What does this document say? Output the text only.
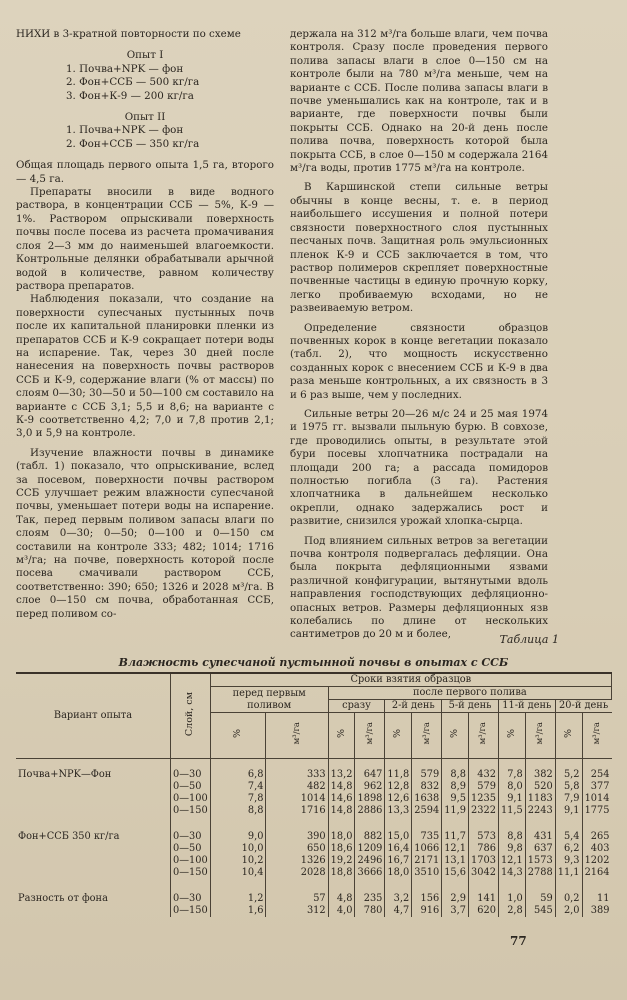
НИХИ в 3-кратной повторности по схеме

Опыт I

1. Почва+NPK — фон
2. Фон+ССБ — 500 кг/га
3. Фон+К-9 — 200 кг/га

Опыт II

1. Почва+NPK — фон
2. Фон+ССБ — 350 кг/га

Общая площадь первого опыта 1,5 га, второго — 4,5 га.

Препараты вносили в виде водного раствора, в концентрации ССБ — 5%, К-9 — 1%. Раствором опрыскивали поверхность почвы после посева из расчета промачивания слоя 2—3 мм до наименьшей влагоемкости. Контрольные делянки обрабатывали арычной водой в количестве, равном количеству раствора препаратов.

Наблюдения показали, что создание на поверхности супесчаных пустынных почв после их капитальной планировки пленки из препаратов ССБ и К-9 сокращает потери воды на испарение. Так, через 30 дней после нанесения на поверхность почвы растворов ССБ и К-9, содержание влаги (% от массы) по слоям 0—30; 30—50 и 50—100 см составило на варианте с ССБ 3,1; 5,5 и 8,6; на варианте с К-9 соответственно 4,2; 7,0 и 7,8 против 2,1; 3,0 и 5,9 на контроле.

Изучение влажности почвы в динамике (табл. 1) показало, что опрыскивание, вслед за посевом, поверхности почвы раствором ССБ улучшает режим влажности супесчаной почвы, уменьшает потери воды на испарение. Так, перед первым поливом запасы влаги по слоям 0—30; 0—50; 0—100 и 0—150 см составили на контроле 333; 482; 1014; 1716 м³/га; на почве, поверхность которой после посева смачивали раствором ССБ, соответственно: 390; 650; 1326 и 2028 м³/га. В слое 0—150 см почва, обработанная ССБ, перед поливом со-

держала на 312 м³/га больше влаги, чем почва контроля. Сразу после проведения первого полива запасы влаги в слое 0—150 см на контроле были на 780 м³/га меньше, чем на варианте с ССБ. После полива запасы влаги в почве уменьшались как на контроле, так и в варианте, где поверхности почвы были покрыты ССБ. Однако на 20-й день после полива почва, поверхность которой была покрыта ССБ, в слое 0—150 м содержала 2164 м³/га воды, против 1775 м³/га на контроле.

В Каршинской степи сильные ветры обычны в конце весны, т. е. в период наибольшего иссушения и полной потери связности поверхностного слоя пустынных песчаных почв. Защитная роль эмульсионных пленок К-9 и ССБ заключается в том, что раствор полимеров скрепляет поверхностные почвенные частицы в единую прочную корку, легко пробиваемую всходами, но не развеиваемую ветром.

Определение связности образцов почвенных корок в конце вегетации показало (табл. 2), что мощность искусственно созданных корок с внесением ССБ и К-9 в два раза меньше контрольных, а их связность в 3 и 6 раз выше, чем у последних.

Сильные ветры 20—26 м/с 24 и 25 мая 1974 и 1975 гг. вызвали пыльную бурю. В совхозе, где проводились опыты, в результате этой бури посевы хлопчатника пострадали на площади 200 га; а рассада помидоров полностью погибла (3 га). Растения хлопчатника в дальнейшем несколько окрепли, однако задержались рост и развитие, снизился урожай хлопка-сырца.

Под влиянием сильных ветров за вегетации почва контроля подвергалась дефляции. Она была покрыта дефляционными язвами различной конфигурации, вытянутыми вдоль направления господствующих дефляционно-опасных ветров. Размеры дефляционных язв колебались по длине от нескольких сантиметров до 20 м и более,	Таблица 1
Влажность супесчаной пустынной почвы в опытах с ССБ
Вариант опыта	Слой, см	Сроки взятия образцов											
		перед первым поливом		после первого полива									
				сразу		2-й день		5-й день		11-й день		20-й день	
		%	м³/га	%	м³/га	%	м³/га	%	м³/га	%	м³/га	%	м³/га
Почва+NPK—Фон	0—30	6,8	333	13,2	647	11,8	579	8,8	432	7,8	382	5,2	254
	0—50	7,4	482	14,8	962	12,8	832	8,9	579	8,0	520	5,8	377
	0—100	7,8	1014	14,6	1898	12,6	1638	9,5	1235	9,1	1183	7,9	1014
	0—150	8,8	1716	14,8	2886	13,3	2594	11,9	2322	11,5	2243	9,1	1775
Фон+ССБ 350 кг/га	0—30	9,0	390	18,0	882	15,0	735	11,7	573	8,8	431	5,4	265
	0—50	10,0	650	18,6	1209	16,4	1066	12,1	786	9,8	637	6,2	403
	0—100	10,2	1326	19,2	2496	16,7	2171	13,1	1703	12,1	1573	9,3	1202
	0—150	10,4	2028	18,8	3666	18,0	3510	15,6	3042	14,3	2788	11,1	2164
Разность от фона	0—30	1,2	57	4,8	235	3,2	156	2,9	141	1,0	59	0,2	11
	0—150	1,6	312	4,0	780	4,7	916	3,7	620	2,8	545	2,0	389
77
